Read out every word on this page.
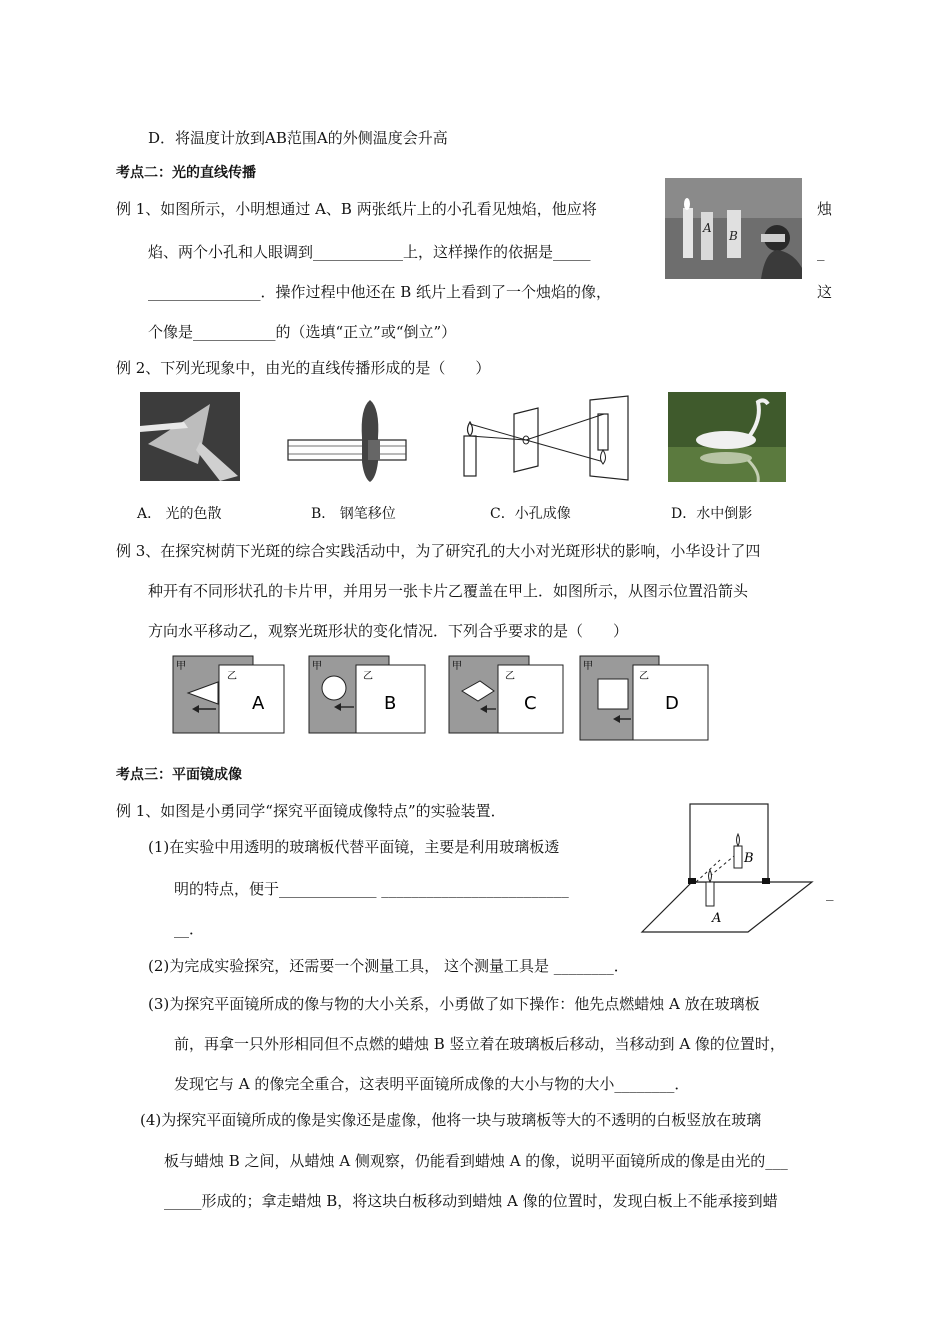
D．将温度计放到AB范围A的外侧温度会升高
考点二：光的直线传播
例 1、如图所示，小明想通过 A、B 两张纸片上的小孔看见烛焰，他应将	烛
焰、两个小孔和人眼调到____________上，这样操作的依据是_____	_
_______________．操作过程中他还在 B 纸片上看到了一个烛焰的像，	这
个像是___________的（选填“正立”或“倒立”）
A
B
例 2、下列光现象中，由光的直线传播形成的是（　　）
A． 光的色散	B． 钢笔移位	C．小孔成像	D．水中倒影
例 3、在探究树荫下光斑的综合实践活动中，为了研究孔的大小对光斑形状的影响，小华设计了四
种开有不同形状孔的卡片甲，并用另一张卡片乙覆盖在甲上．如图所示，从图示位置沿箭头
方向水平移动乙，观察光斑形状的变化情况．下列合乎要求的是（　　）
甲
乙
A
甲
乙
B
甲
乙
C
甲
乙
D
考点三：平面镜成像
例 1、如图是小勇同学“探究平面镜成像特点”的实验装置．
(1)在实验中用透明的玻璃板代替平面镜，主要是利用玻璃板透
明的特点，便于_____________ _________________________	_
__．
B
A
(2)为完成实验探究，还需要一个测量工具， 这个测量工具是 ________．
(3)为探究平面镜所成的像与物的大小关系，小勇做了如下操作：他先点燃蜡烛 A 放在玻璃板
前，再拿一只外形相同但不点燃的蜡烛 B 竖立着在玻璃板后移动，当移动到 A 像的位置时，
发现它与 A 的像完全重合，这表明平面镜所成像的大小与物的大小________．
(4)为探究平面镜所成的像是实像还是虚像，他将一块与玻璃板等大的不透明的白板竖放在玻璃
板与蜡烛 B 之间，从蜡烛 A 侧观察，仍能看到蜡烛 A 的像，说明平面镜所成的像是由光的___
_____形成的；拿走蜡烛 B，将这块白板移动到蜡烛 A 像的位置时，发现白板上不能承接到蜡
